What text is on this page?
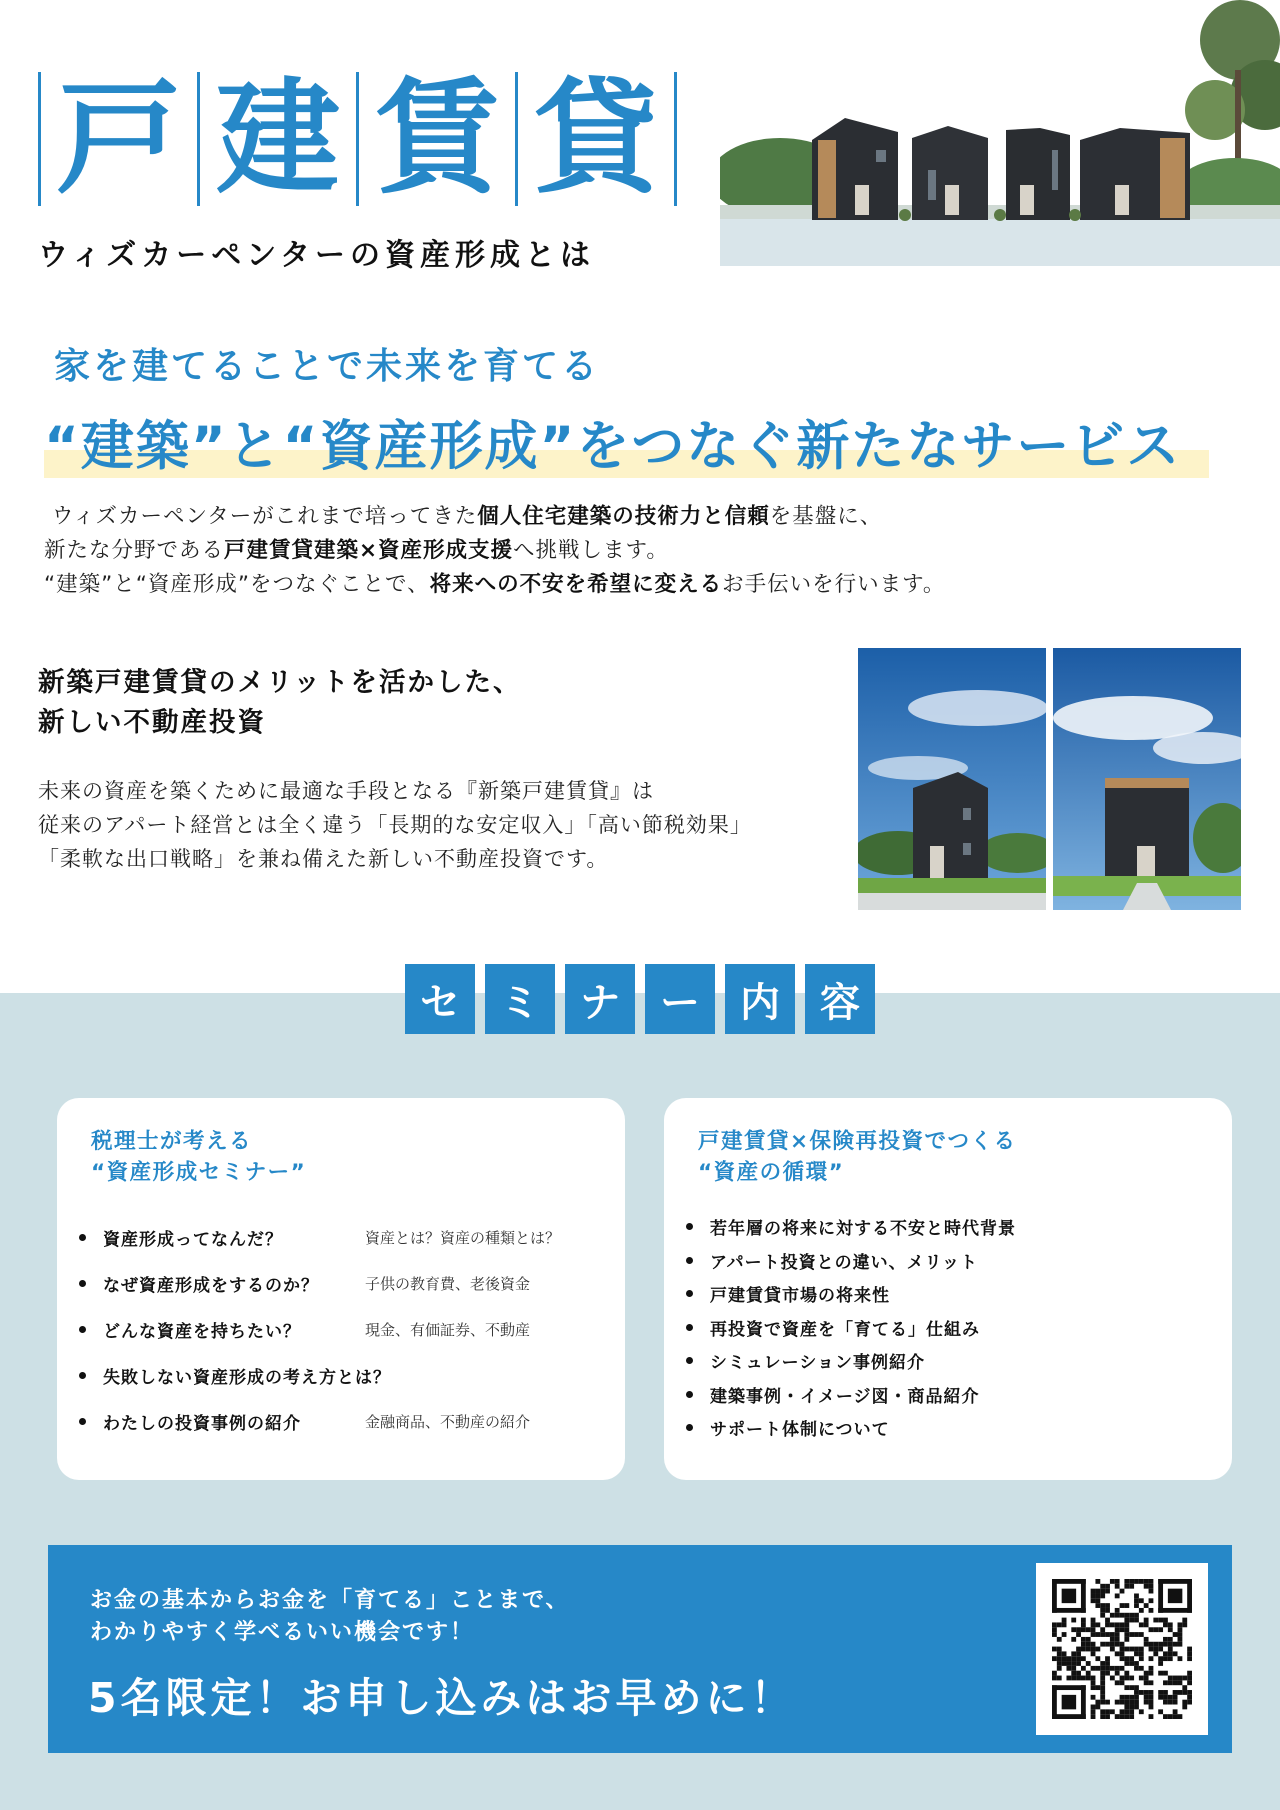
戸 建 賃 貸
ウィズカーペンターの資産形成とは
家を建てることで未来を育てる
“建築”と“資産形成”をつなぐ新たなサービス
ウィズカーペンターがこれまで培ってきた個人住宅建築の技術力と信頼を基盤に、
新たな分野である戸建賃貸建築×資産形成支援へ挑戦します。
“建築”と“資産形成”をつなぐことで、将来への不安を希望に変えるお手伝いを行います。
新築戸建賃貸のメリットを活かした、
新しい不動産投資
未来の資産を築くために最適な手段となる『新築戸建賃貸』は
従来のアパート経営とは全く違う「長期的な安定収入」「高い節税効果」
「柔軟な出口戦略」を兼ね備えた新しい不動産投資です。
セ	ミ	ナ	ー	内	容
税理士が考える
“資産形成セミナー”
資産形成ってなんだ？	資産とは？資産の種類とは？
なぜ資産形成をするのか？	子供の教育費、老後資金
どんな資産を持ちたい？	現金、有価証券、不動産
失敗しない資産形成の考え方とは？
わたしの投資事例の紹介	金融商品、不動産の紹介
戸建賃貸×保険再投資でつくる
“資産の循環”
若年層の将来に対する不安と時代背景
アパート投資との違い、メリット
戸建賃貸市場の将来性
再投資で資産を「育てる」仕組み
シミュレーション事例紹介
建築事例・イメージ図・商品紹介
サポート体制について
お金の基本からお金を「育てる」ことまで、
わかりやすく学べるいい機会です！
5名限定！お申し込みはお早めに！
